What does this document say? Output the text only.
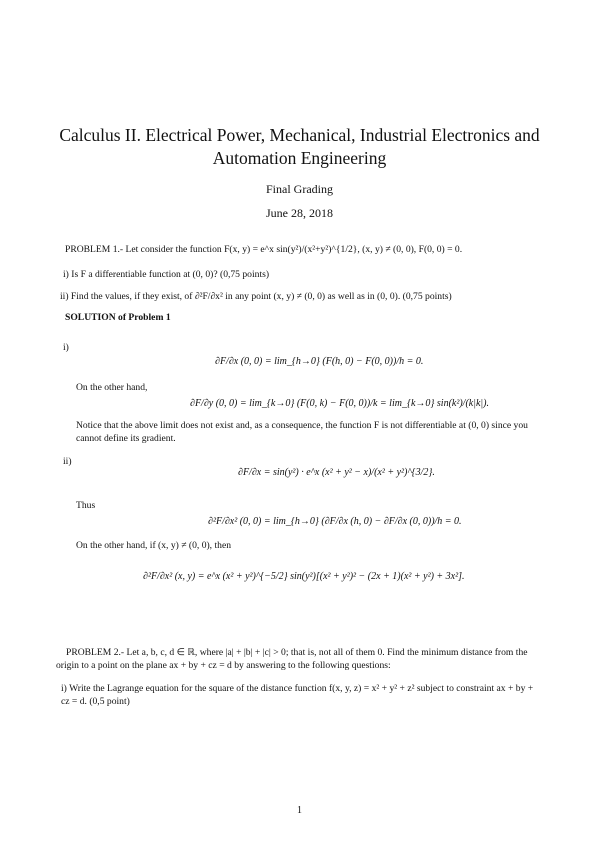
Calculus II. Electrical Power, Mechanical, Industrial Electronics and Automation Engineering
Final Grading
June 28, 2018
PROBLEM 1.- Let consider the function F(x, y) = e^x sin(y²)/(x²+y²)^{1/2}, (x, y) ≠ (0, 0), F(0, 0) = 0.
i) Is F a differentiable function at (0, 0)? (0,75 points)
ii) Find the values, if they exist, of ∂²F/∂x² in any point (x, y) ≠ (0, 0) as well as in (0, 0). (0,75 points)
SOLUTION of Problem 1
i)
∂F/∂x (0, 0) = lim_{h→0} (F(h, 0) − F(0, 0))/h = 0.
On the other hand,
∂F/∂y (0, 0) = lim_{k→0} (F(0, k) − F(0, 0))/k = lim_{k→0} sin(k²)/(k|k|).
Notice that the above limit does not exist and, as a consequence, the function F is not differentiable at (0, 0) since you cannot define its gradient.
ii)
∂F/∂x = sin(y²) · e^x (x² + y² − x)/(x² + y²)^{3/2}.
Thus
∂²F/∂x² (0, 0) = lim_{h→0} (∂F/∂x (h, 0) − ∂F/∂x (0, 0))/h = 0.
On the other hand, if (x, y) ≠ (0, 0), then
∂²F/∂x² (x, y) = e^x (x² + y²)^{−5/2} sin(y²)[(x² + y²)² − (2x + 1)(x² + y²) + 3x²].
PROBLEM 2.- Let a, b, c, d ∈ ℝ, where |a| + |b| + |c| > 0; that is, not all of them 0. Find the minimum distance from the origin to a point on the plane ax + by + cz = d by answering to the following questions:
i) Write the Lagrange equation for the square of the distance function f(x, y, z) = x² + y² + z² subject to constraint ax + by + cz = d. (0,5 point)
1
